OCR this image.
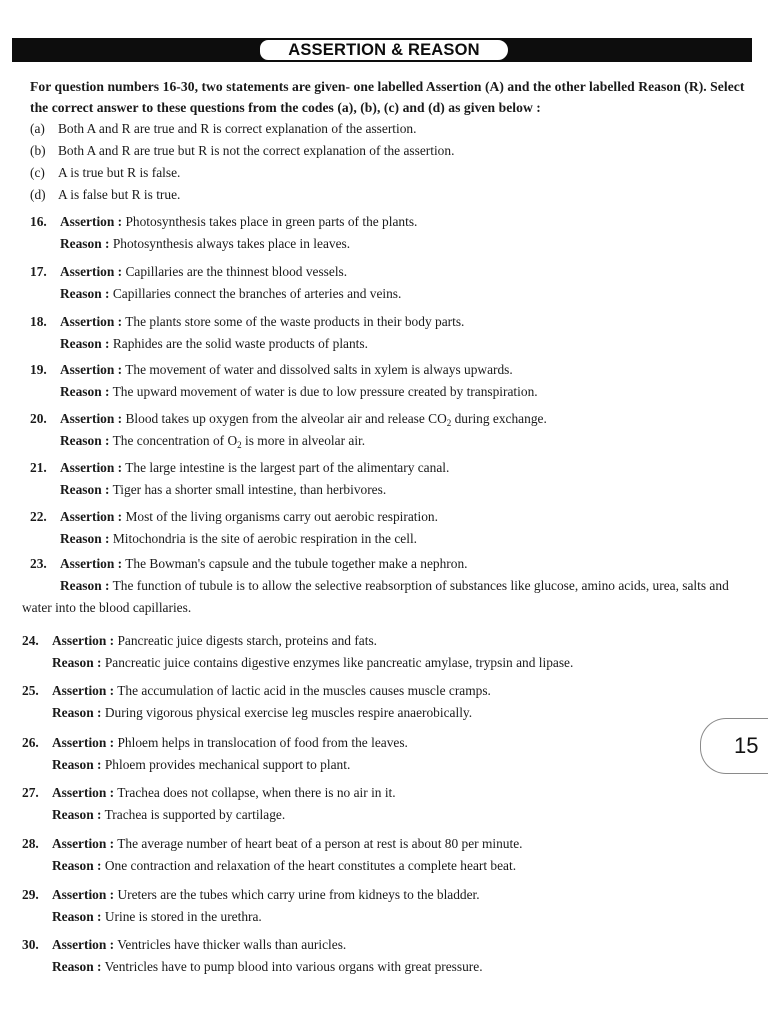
ASSERTION & REASON
For question numbers 16-30, two statements are given- one labelled Assertion (A) and the other labelled Reason (R). Select the correct answer to these questions from the codes (a), (b), (c) and (d) as given below :
(a) Both A and R are true and R is correct explanation of the assertion.
(b) Both A and R are true but R is not the correct explanation of the assertion.
(c) A is true but R is false.
(d) A is false but R is true.
16. Assertion : Photosynthesis takes place in green parts of the plants.
Reason : Photosynthesis always takes place in leaves.
17. Assertion : Capillaries are the thinnest blood vessels.
Reason : Capillaries connect the branches of arteries and veins.
18. Assertion : The plants store some of the waste products in their body parts.
Reason : Raphides are the solid waste products of plants.
19. Assertion : The movement of water and dissolved salts in xylem is always upwards.
Reason : The upward movement of water is due to low pressure created by transpiration.
20. Assertion : Blood takes up oxygen from the alveolar air and release $CO_2$ during exchange.
Reason : The concentration of $O_2$ is more in alveolar air.
21. Assertion : The large intestine is the largest part of the alimentary canal.
Reason : Tiger has a shorter small intestine, than herbivores.
22. Assertion : Most of the living organisms carry out aerobic respiration.
Reason : Mitochondria is the site of aerobic respiration in the cell.
23. Assertion : The Bowman's capsule and the tubule together make a nephron.
Reason : The function of tubule is to allow the selective reabsorption of substances like glucose, amino acids, urea, salts and water into the blood capillaries.
24. Assertion : Pancreatic juice digests starch, proteins and fats.
Reason : Pancreatic juice contains digestive enzymes like pancreatic amylase, trypsin and lipase.
25. Assertion : The accumulation of lactic acid in the muscles causes muscle cramps.
Reason : During vigorous physical exercise leg muscles respire anaerobically.
26. Assertion : Phloem helps in translocation of food from the leaves.
Reason : Phloem provides mechanical support to plant.
27. Assertion : Trachea does not collapse, when there is no air in it.
Reason : Trachea is supported by cartilage.
28. Assertion : The average number of heart beat of a person at rest is about 80 per minute.
Reason : One contraction and relaxation of the heart constitutes a complete heart beat.
29. Assertion : Ureters are the tubes which carry urine from kidneys to the bladder.
Reason : Urine is stored in the urethra.
30. Assertion : Ventricles have thicker walls than auricles.
Reason : Ventricles have to pump blood into various organs with great pressure.
15
